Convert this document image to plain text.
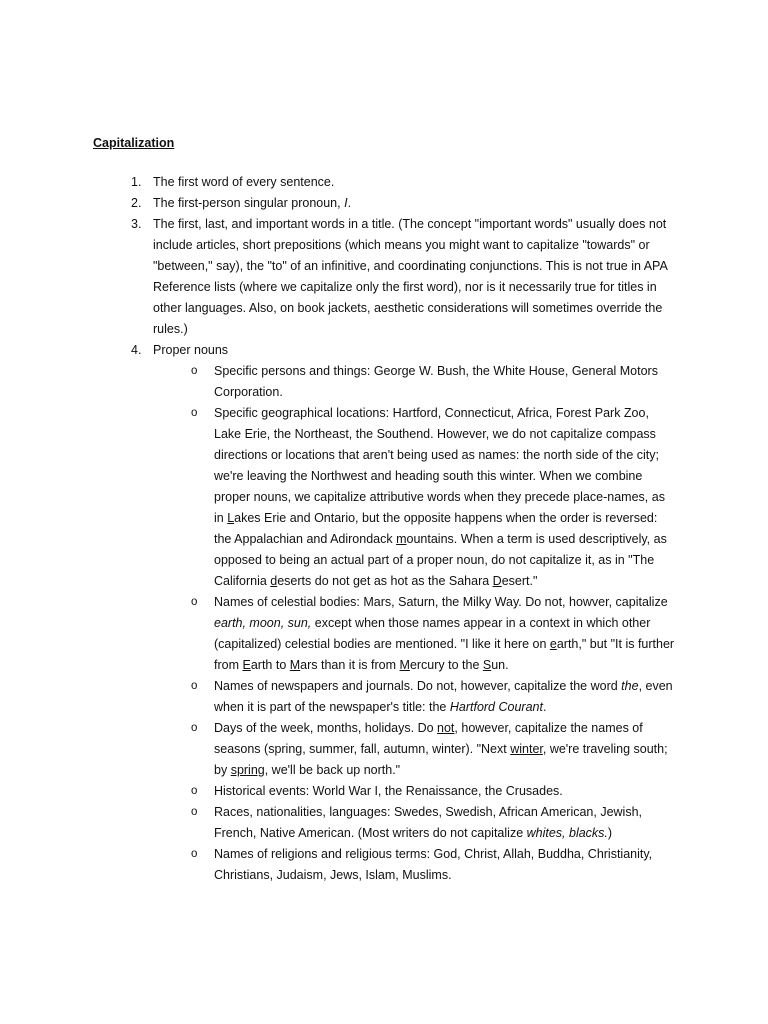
Capitalization
1. The first word of every sentence.
2. The first-person singular pronoun, I.
3. The first, last, and important words in a title. (The concept "important words" usually does not include articles, short prepositions (which means you might want to capitalize "towards" or "between," say), the "to" of an infinitive, and coordinating conjunctions. This is not true in APA Reference lists (where we capitalize only the first word), nor is it necessarily true for titles in other languages. Also, on book jackets, aesthetic considerations will sometimes override the rules.)
4. Proper nouns
o Specific persons and things: George W. Bush, the White House, General Motors Corporation.
o Specific geographical locations: Hartford, Connecticut, Africa, Forest Park Zoo, Lake Erie, the Northeast, the Southend. However, we do not capitalize compass directions or locations that aren't being used as names: the north side of the city; we're leaving the Northwest and heading south this winter. When we combine proper nouns, we capitalize attributive words when they precede place-names, as in Lakes Erie and Ontario, but the opposite happens when the order is reversed: the Appalachian and Adirondack mountains. When a term is used descriptively, as opposed to being an actual part of a proper noun, do not capitalize it, as in "The California deserts do not get as hot as the Sahara Desert."
o Names of celestial bodies: Mars, Saturn, the Milky Way. Do not, howver, capitalize earth, moon, sun, except when those names appear in a context in which other (capitalized) celestial bodies are mentioned. "I like it here on earth," but "It is further from Earth to Mars than it is from Mercury to the Sun.
o Names of newspapers and journals. Do not, however, capitalize the word the, even when it is part of the newspaper's title: the Hartford Courant.
o Days of the week, months, holidays. Do not, however, capitalize the names of seasons (spring, summer, fall, autumn, winter). "Next winter, we're traveling south; by spring, we'll be back up north."
o Historical events: World War I, the Renaissance, the Crusades.
o Races, nationalities, languages: Swedes, Swedish, African American, Jewish, French, Native American. (Most writers do not capitalize whites, blacks.)
o Names of religions and religious terms: God, Christ, Allah, Buddha, Christianity, Christians, Judaism, Jews, Islam, Muslims.
